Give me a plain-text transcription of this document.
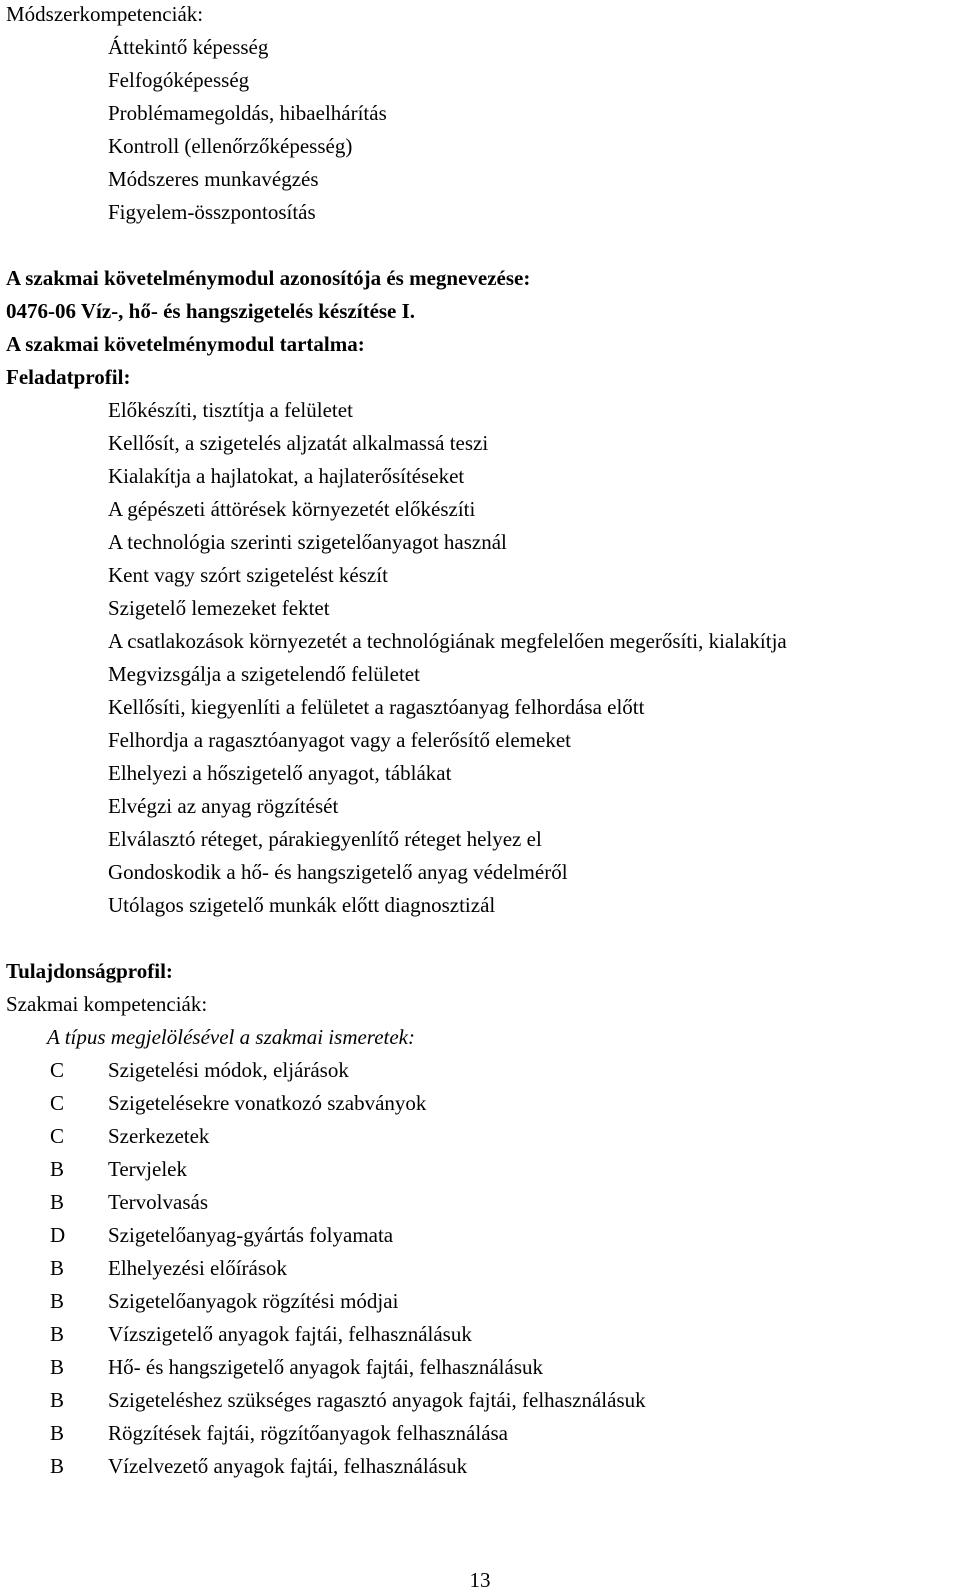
Módszerkompetenciák:
Áttekintő képesség
Felfogóképesség
Problémamegoldás, hibaelhárítás
Kontroll (ellenőrzőképesség)
Módszeres munkavégzés
Figyelem-összpontosítás
A szakmai követelménymodul azonosítója és megnevezése:
0476-06 Víz-, hő- és hangszigetelés készítése I.
A szakmai követelménymodul tartalma:
Feladatprofil:
Előkészíti, tisztítja a felületet
Kellősít, a szigetelés aljzatát alkalmassá teszi
Kialakítja a hajlatokat, a hajlaterősítéseket
A gépészeti áttörések környezetét előkészíti
A technológia szerinti szigetelőanyagot használ
Kent vagy szórt szigetelést készít
Szigetelő lemezeket fektet
A csatlakozások környezetét a technológiának megfelelően megerősíti, kialakítja
Megvizsgálja a szigetelendő felületet
Kellősíti, kiegyenlíti a felületet a ragasztóanyag felhordása előtt
Felhordja a ragasztóanyagot vagy a felerősítő elemeket
Elhelyezi a hőszigetelő anyagot, táblákat
Elvégzi az anyag rögzítését
Elválasztó réteget, párakiegyenlítő réteget helyez el
Gondoskodik a hő- és hangszigetelő anyag védelméről
Utólagos szigetelő munkák előtt diagnosztizál
Tulajdonságprofil:
Szakmai kompetenciák:
A típus megjelölésével a szakmai ismeretek:
C	Szigetelési módok, eljárások
C	Szigetelésekre vonatkozó szabványok
C	Szerkezetek
B	Tervjelek
B	Tervolvasás
D	Szigetelőanyag-gyártás folyamata
B	Elhelyezési előírások
B	Szigetelőanyagok rögzítési módjai
B	Vízszigetelő anyagok fajtái, felhasználásuk
B	Hő- és hangszigetelő anyagok fajtái, felhasználásuk
B	Szigeteléshez szükséges ragasztó anyagok fajtái, felhasználásuk
B	Rögzítések fajtái, rögzítőanyagok felhasználása
B	Vízelvezető anyagok fajtái, felhasználásuk
13
